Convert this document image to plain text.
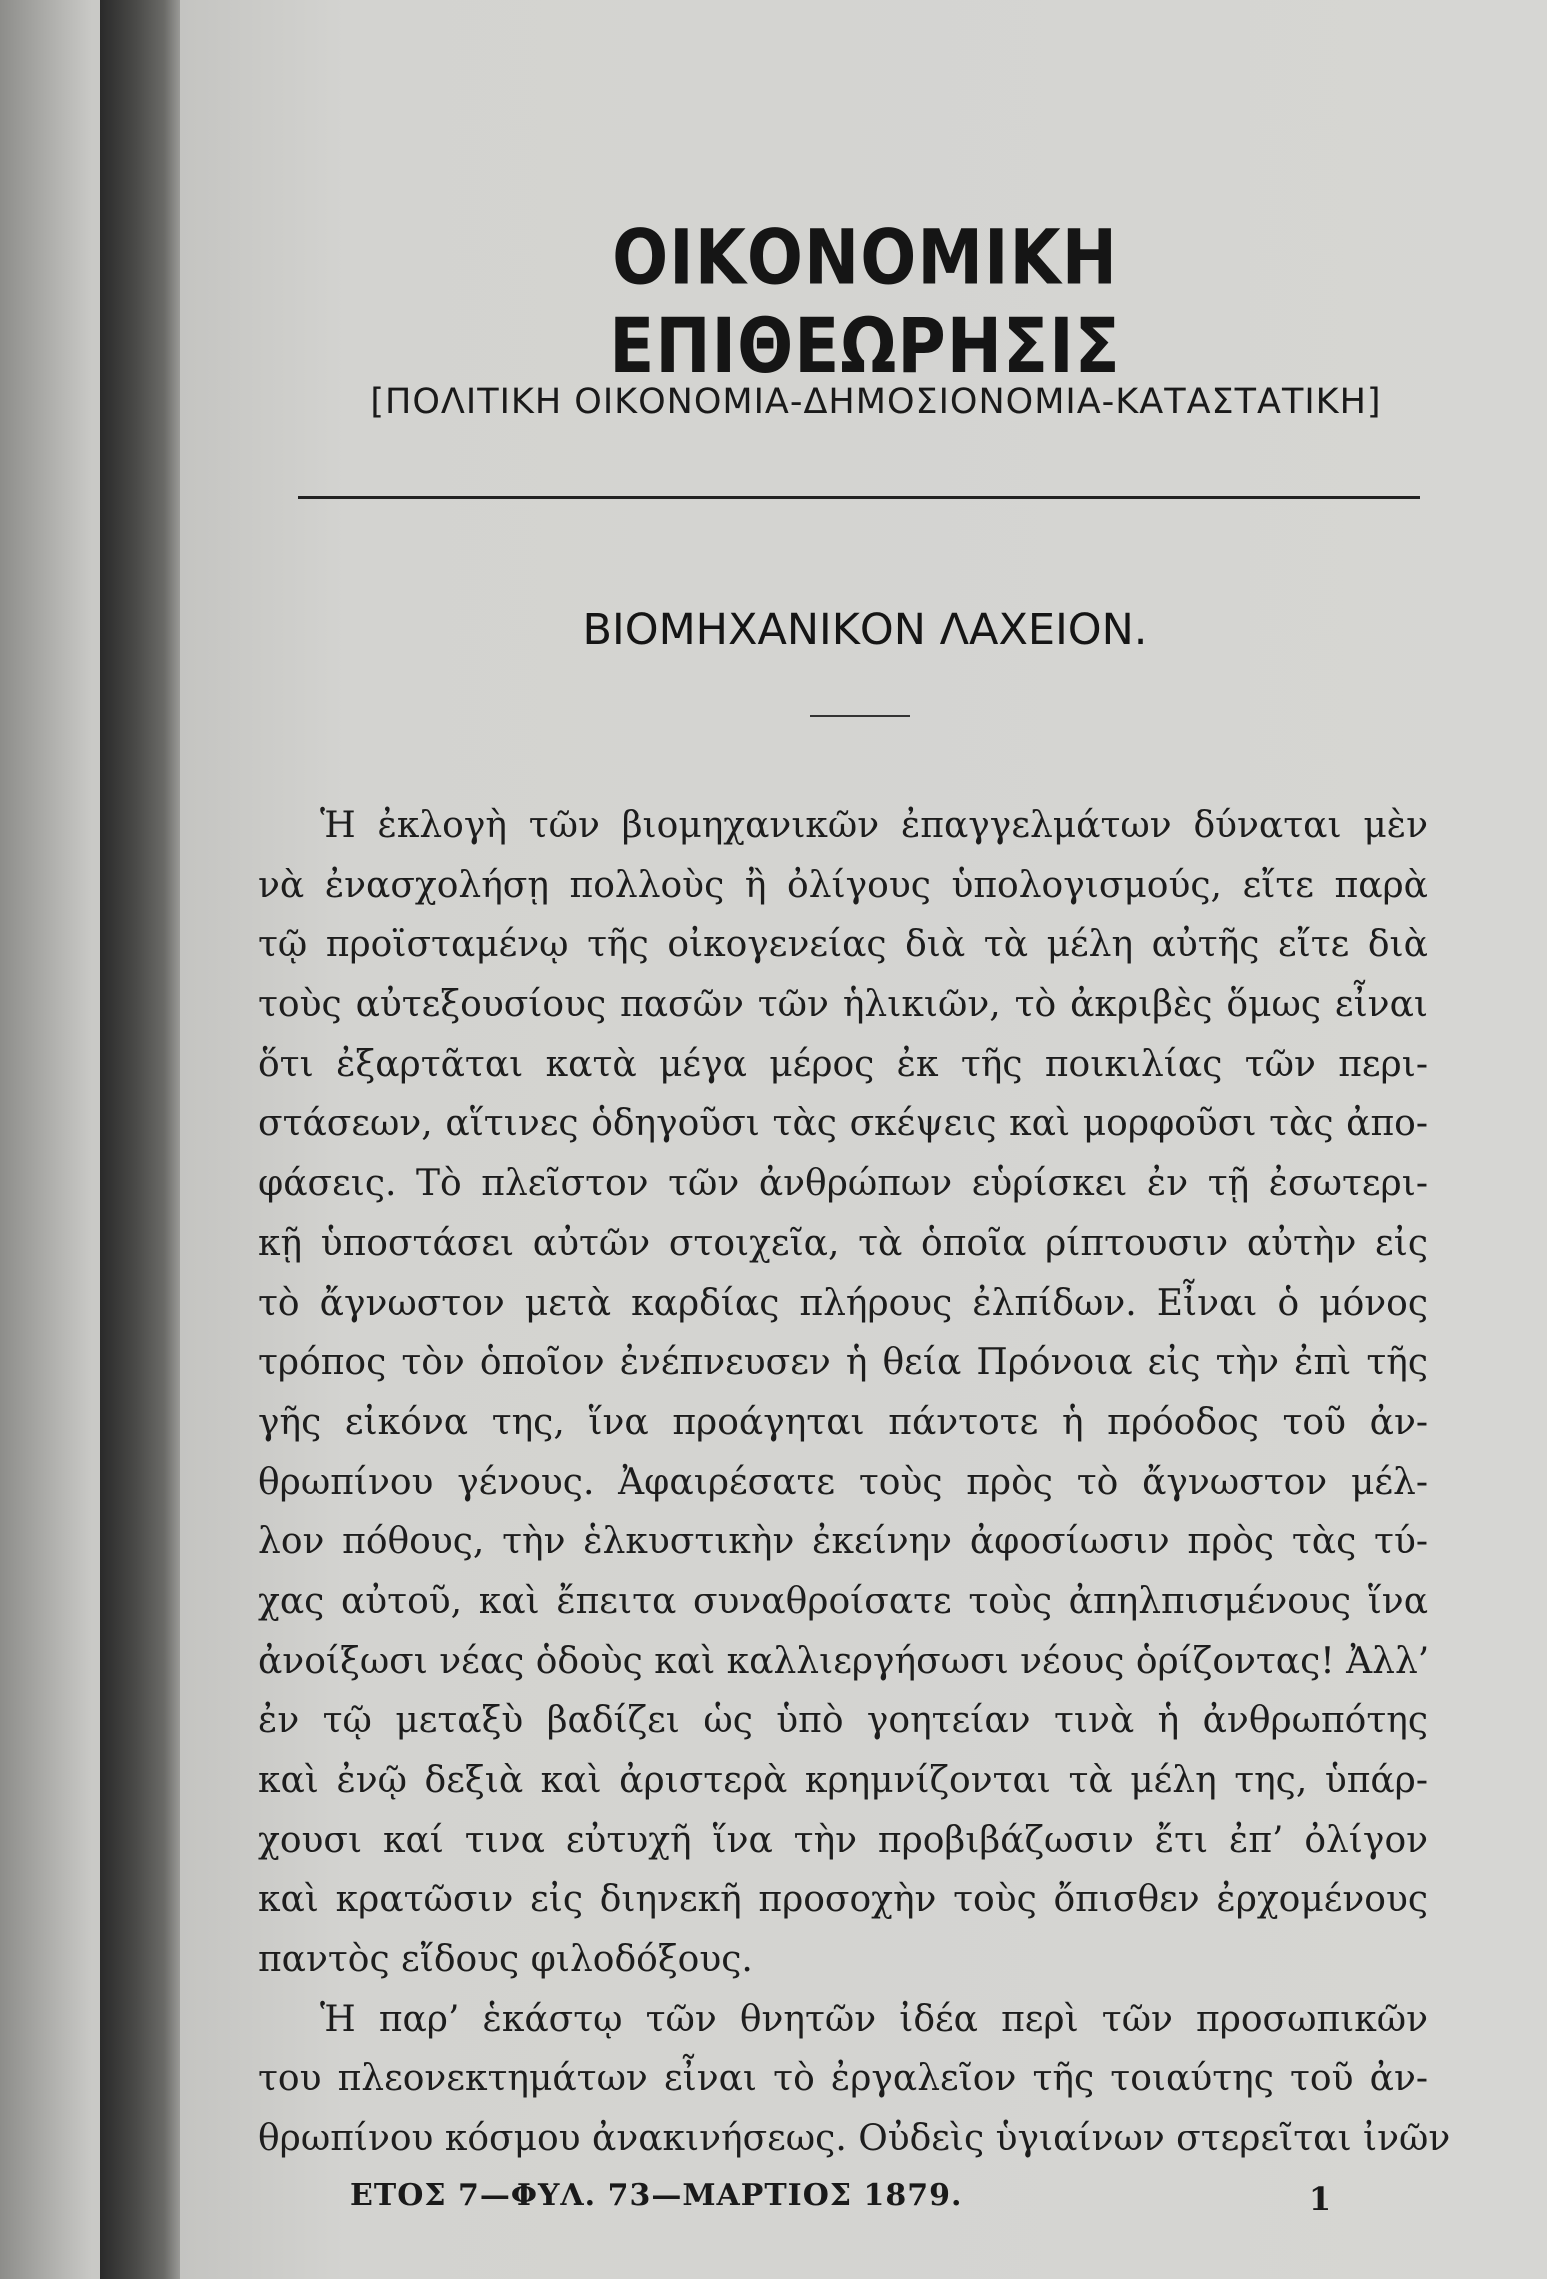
ΟΙΚΟΝΟΜΙΚΗ ΕΠΙΘΕΩΡΗΣΙΣ
[ΠΟΛΙΤΙΚΗ ΟΙΚΟΝΟΜΙΑ-ΔΗΜΟΣΙΟΝΟΜΙΑ-ΚΑΤΑΣΤΑΤΙΚΗ]
ΒΙΟΜΗΧΑΝΙΚΟΝ ΛΑΧΕΙΟΝ.
Ἡ ἐκλογὴ τῶν βιομηχανικῶν ἐπαγγελμάτων δύναται μὲν
νὰ ἐνασχολήσῃ πολλοὺς ἢ ὀλίγους ὑπολογισμούς, εἴτε παρὰ
τῷ προϊσταμένῳ τῆς οἰκογενείας διὰ τὰ μέλη αὐτῆς εἴτε διὰ
τοὺς αὐτεξουσίους πασῶν τῶν ἡλικιῶν, τὸ ἀκριβὲς ὅμως εἶναι
ὅτι ἐξαρτᾶται κατὰ μέγα μέρος ἐκ τῆς ποικιλίας τῶν περι-
στάσεων, αἵτινες ὁδηγοῦσι τὰς σκέψεις καὶ μορφοῦσι τὰς ἀπο-
φάσεις. Τὸ πλεῖστον τῶν ἀνθρώπων εὑρίσκει ἐν τῇ ἐσωτερι-
κῇ ὑποστάσει αὐτῶν στοιχεῖα, τὰ ὁποῖα ρίπτουσιν αὐτὴν εἰς
τὸ ἄγνωστον μετὰ καρδίας πλήρους ἐλπίδων. Εἶναι ὁ μόνος
τρόπος τὸν ὁποῖον ἐνέπνευσεν ἡ θεία Πρόνοια εἰς τὴν ἐπὶ τῆς
γῆς εἰκόνα της, ἵνα προάγηται πάντοτε ἡ πρόοδος τοῦ ἀν-
θρωπίνου γένους. Ἀφαιρέσατε τοὺς πρὸς τὸ ἄγνωστον μέλ-
λον πόθους, τὴν ἑλκυστικὴν ἐκείνην ἀφοσίωσιν πρὸς τὰς τύ-
χας αὐτοῦ, καὶ ἔπειτα συναθροίσατε τοὺς ἀπηλπισμένους ἵνα
ἀνοίξωσι νέας ὁδοὺς καὶ καλλιεργήσωσι νέους ὁρίζοντας! Ἀλλ’
ἐν τῷ μεταξὺ βαδίζει ὡς ὑπὸ γοητείαν τινὰ ἡ ἀνθρωπότης
καὶ ἐνῷ δεξιὰ καὶ ἀριστερὰ κρημνίζονται τὰ μέλη της, ὑπάρ-
χουσι καί τινα εὐτυχῆ ἵνα τὴν προβιβάζωσιν ἔτι ἐπ’ ὀλίγον
καὶ κρατῶσιν εἰς διηνεκῆ προσοχὴν τοὺς ὄπισθεν ἐρχομένους
παντὸς εἴδους φιλοδόξους.
Ἡ παρ’ ἑκάστῳ τῶν θνητῶν ἰδέα περὶ τῶν προσωπικῶν
του πλεονεκτημάτων εἶναι τὸ ἐργαλεῖον τῆς τοιαύτης τοῦ ἀν-
θρωπίνου κόσμου ἀνακινήσεως. Οὐδεὶς ὑγιαίνων στερεῖται ἰνῶν
ΕΤΟΣ 7—ΦΥΛ. 73—ΜΑΡΤΙΟΣ 1879.	1
